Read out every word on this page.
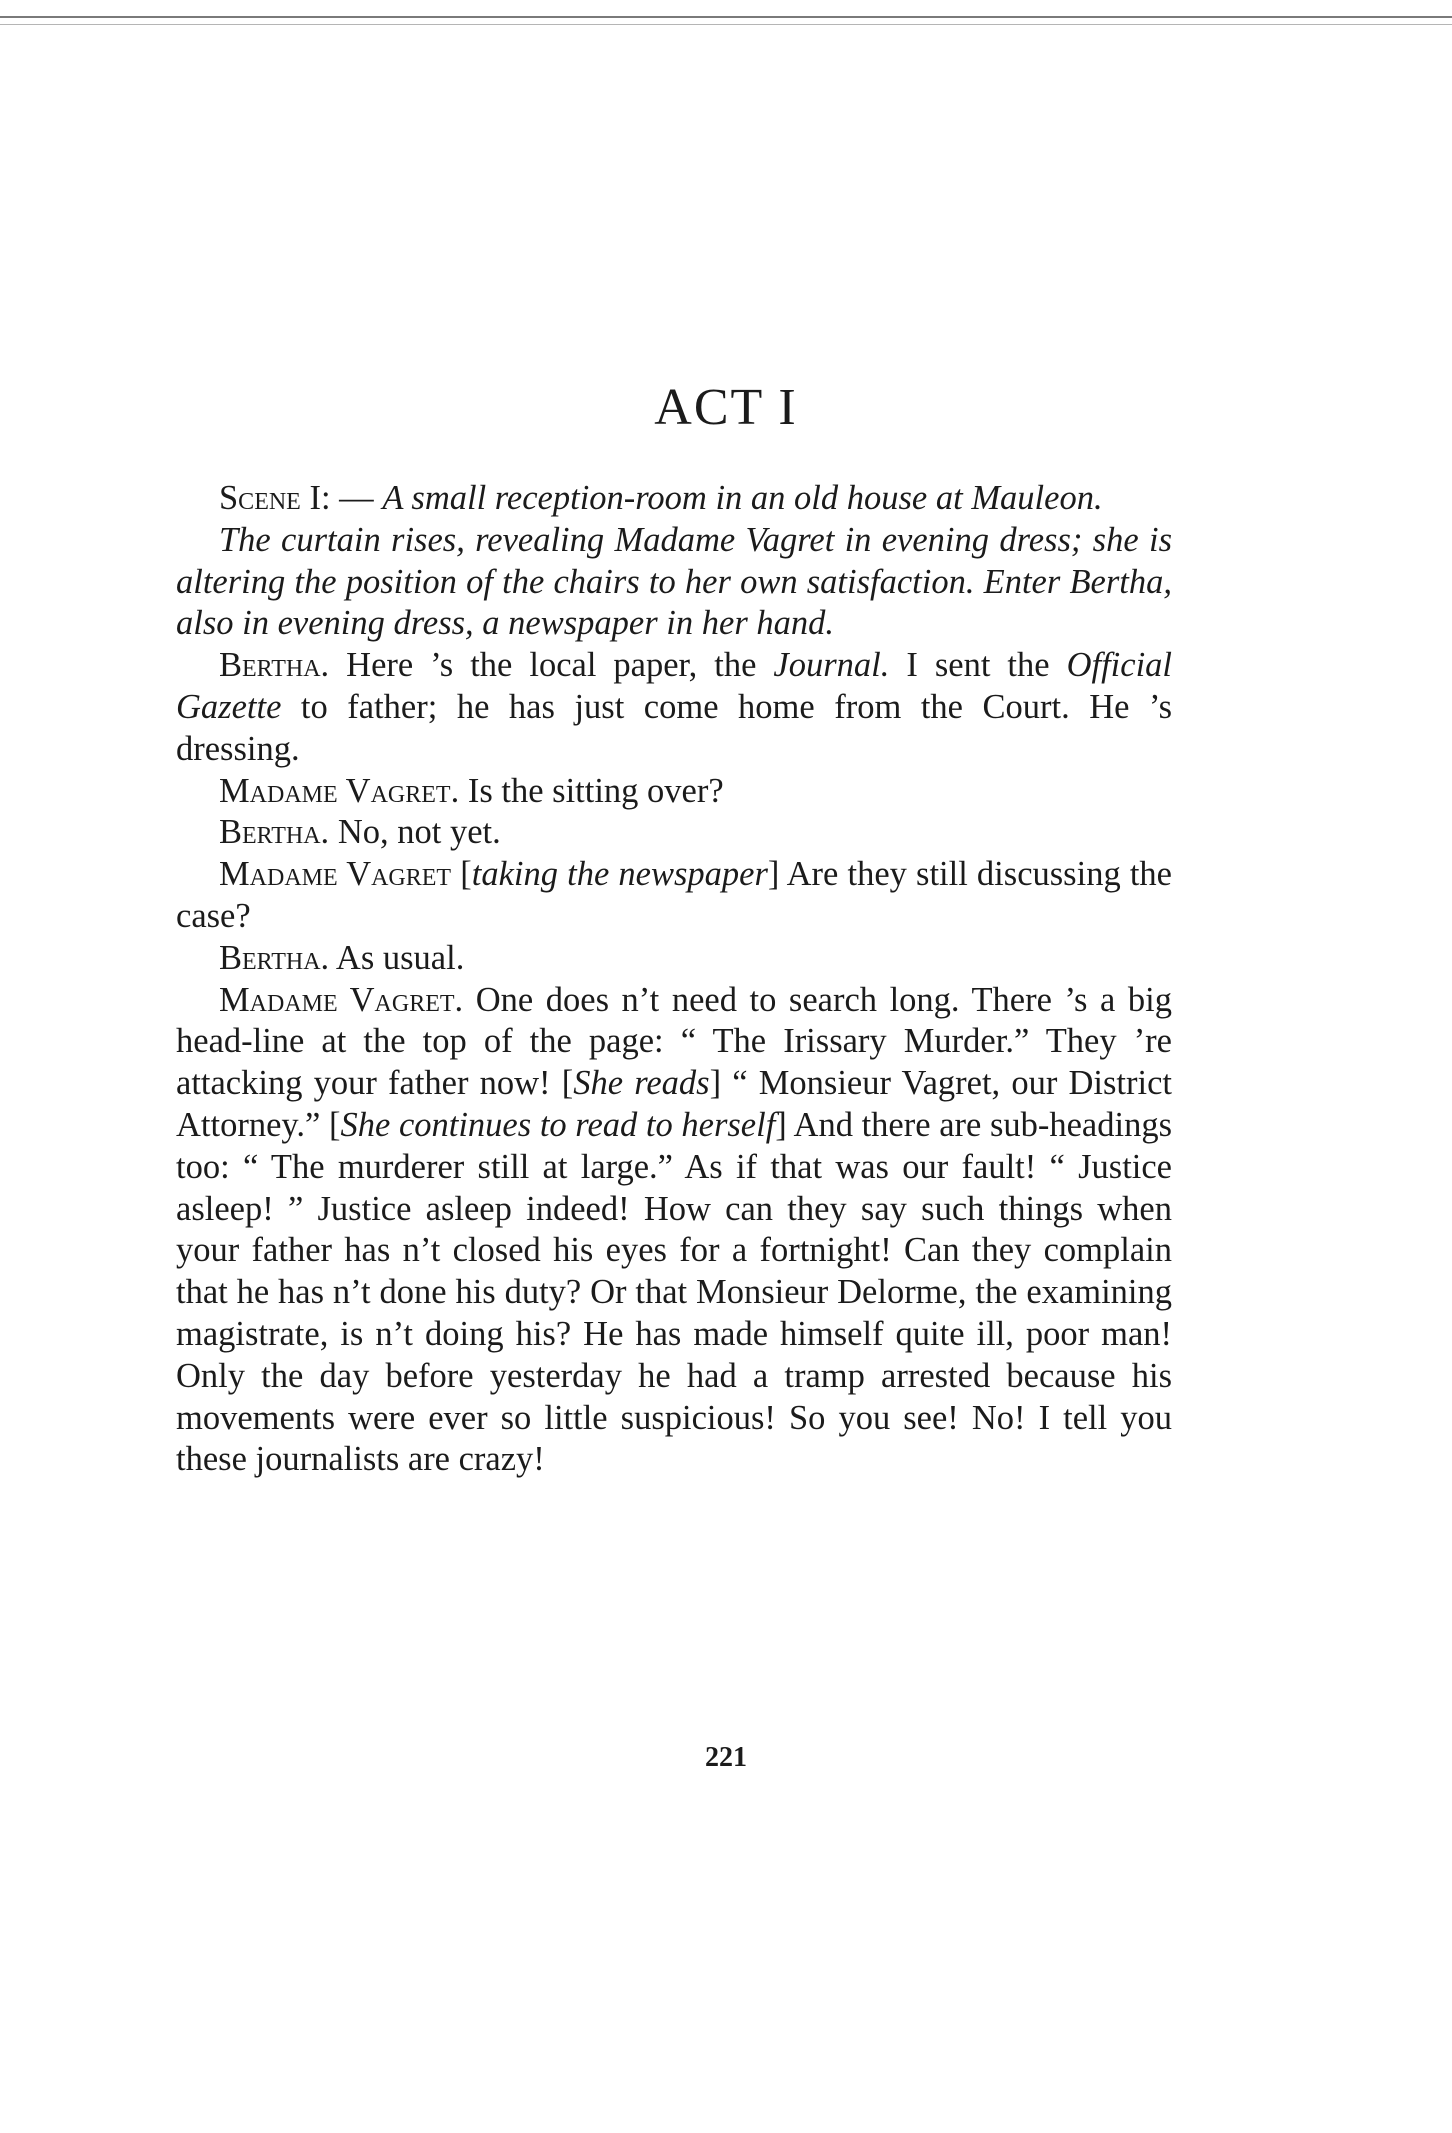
ACT I

Scene I: — A small reception-room in an old house at Mauleon.

The curtain rises, revealing Madame Vagret in evening dress; she is altering the position of the chairs to her own satisfaction. Enter Bertha, also in evening dress, a newspaper in her hand.

Bertha. Here ’s the local paper, the Journal. I sent the Official Gazette to father; he has just come home from the Court. He ’s dressing.

Madame Vagret. Is the sitting over?

Bertha. No, not yet.

Madame Vagret [taking the newspaper] Are they still discussing the case?

Bertha. As usual.

Madame Vagret. One does n’t need to search long. There ’s a big head-line at the top of the page: “ The Irissary Murder.” They ’re attacking your father now! [She reads] “ Monsieur Vagret, our District Attorney.” [She continues to read to herself] And there are sub-headings too: “ The murderer still at large.” As if that was our fault! “ Justice asleep! ” Justice asleep indeed! How can they say such things when your father has n’t closed his eyes for a fortnight! Can they complain that he has n’t done his duty? Or that Monsieur Delorme, the examining magistrate, is n’t doing his? He has made himself quite ill, poor man! Only the day before yesterday he had a tramp arrested because his movements were ever so little suspicious! So you see! No! I tell you these journalists are crazy!

221
